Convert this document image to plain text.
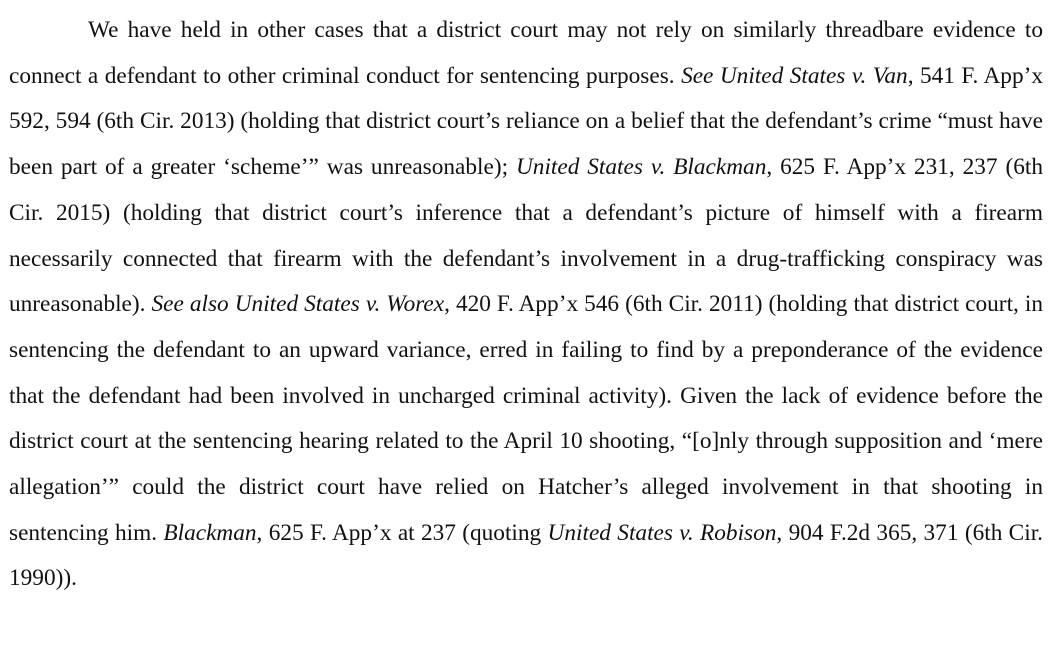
We have held in other cases that a district court may not rely on similarly threadbare evidence to connect a defendant to other criminal conduct for sentencing purposes. See United States v. Van, 541 F. App’x 592, 594 (6th Cir. 2013) (holding that district court’s reliance on a belief that the defendant’s crime “must have been part of a greater ‘scheme’” was unreasonable); United States v. Blackman, 625 F. App’x 231, 237 (6th Cir. 2015) (holding that district court’s inference that a defendant’s picture of himself with a firearm necessarily connected that firearm with the defendant’s involvement in a drug-trafficking conspiracy was unreasonable). See also United States v. Worex, 420 F. App’x 546 (6th Cir. 2011) (holding that district court, in sentencing the defendant to an upward variance, erred in failing to find by a preponderance of the evidence that the defendant had been involved in uncharged criminal activity). Given the lack of evidence before the district court at the sentencing hearing related to the April 10 shooting, “[o]nly through supposition and ‘mere allegation’” could the district court have relied on Hatcher’s alleged involvement in that shooting in sentencing him. Blackman, 625 F. App’x at 237 (quoting United States v. Robison, 904 F.2d 365, 371 (6th Cir. 1990)).
